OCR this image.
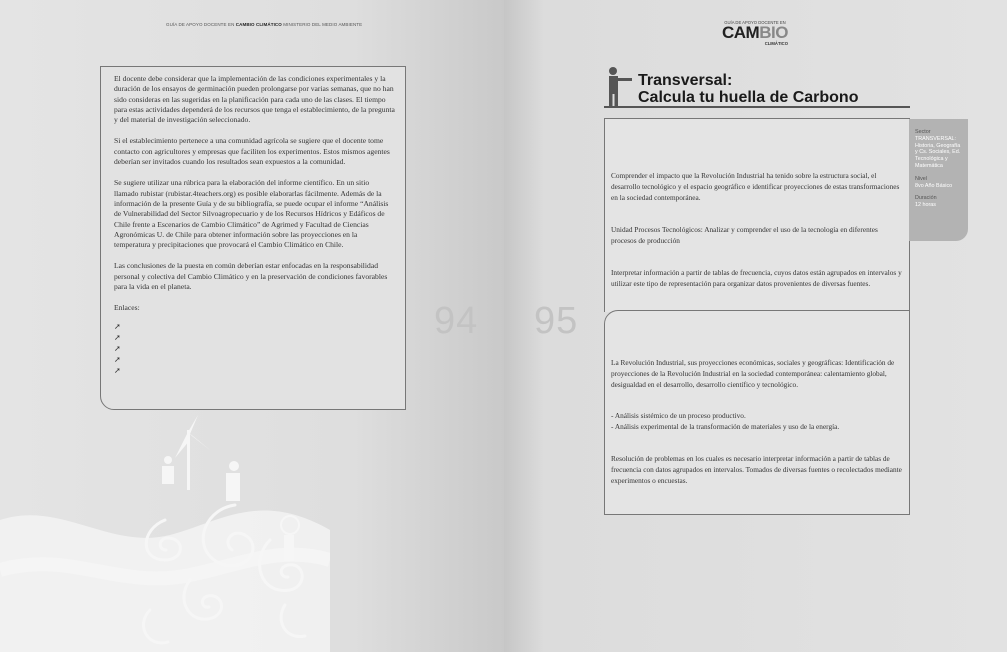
GUÍA DE APOYO DOCENTE EN CAMBIO CLIMÁTICO MINISTERIO DEL MEDIO AMBIENTE

El docente debe considerar que la implementación de las condiciones experimentales y la duración de los ensayos de germinación pueden prolongarse por varias semanas, que no han sido consideras en las sugeridas en la planificación para cada uno de las clases. El tiempo para estas actividades dependerá de los recursos que tenga el establecimiento, de la pregunta y del material de investigación seleccionado.

Si el establecimiento pertenece a una comunidad agrícola se sugiere que el docente tome contacto con agricultores y empresas que faciliten los experimentos. Estos mismos agentes deberían ser invitados cuando los resultados sean expuestos a la comunidad.

Se sugiere utilizar una rúbrica para la elaboración del informe científico. En un sitio llamado rubistar (rubistar.4teachers.org) es posible elaborarlas fácilmente. Además de la información de la presente Guía y de su bibliografía, se puede ocupar el informe “Análisis de Vulnerabilidad del Sector Silvoagropecuario y de los Recursos Hídricos y Edáficos de Chile frente a Escenarios de Cambio Climático” de Agrimed y Facultad de Ciencias Agronómicas U. de Chile para obtener información sobre las proyecciones en la temperatura y precipitaciones que provocará el Cambio Climático en Chile.

Las conclusiones de la puesta en común deberían estar enfocadas en la responsabilidad personal y colectiva del Cambio Climático y en la preservación de condiciones favorables para la vida en el planeta.

Enlaces:

➚
➚
➚
➚
➚
94
GUÍA DE APOYO DOCENTE EN
CAMBIO
CLIMÁTICO
95
Transversal:
Calcula tu huella de Carbono

Comprender el impacto que la Revolución Industrial ha tenido sobre la estructura social, el desarrollo tecnológico y el espacio geográfico e identificar proyecciones de estas transformaciones en la sociedad contemporánea.

Unidad Procesos Tecnológicos: Analizar y comprender el uso de la tecnología en diferentes procesos de producción

Interpretar información a partir de tablas de frecuencia, cuyos datos están agrupados en intervalos y utilizar este tipo de representación para organizar datos provenientes de diversas fuentes.

La Revolución Industrial, sus proyecciones económicas, sociales y geográficas: Identificación de proyecciones de la Revolución Industrial en la sociedad contemporánea: calentamiento global, desigualdad en el desarrollo, desarrollo científico y tecnológico.

- Análisis sistémico de un proceso productivo.
- Análisis experimental de la transformación de materiales y uso de la energía.

Resolución de problemas en los cuales es necesario interpretar información a partir de tablas de frecuencia con datos agrupados en intervalos. Tomados de diversas fuentes o recolectados mediante experimentos o encuestas.

Sector

TRANSVERSAL: Historia, Geografía y Cs. Sociales, Ed. Tecnológica y Matemática

Nivel

8vo Año Básico

Duración

12 horas
